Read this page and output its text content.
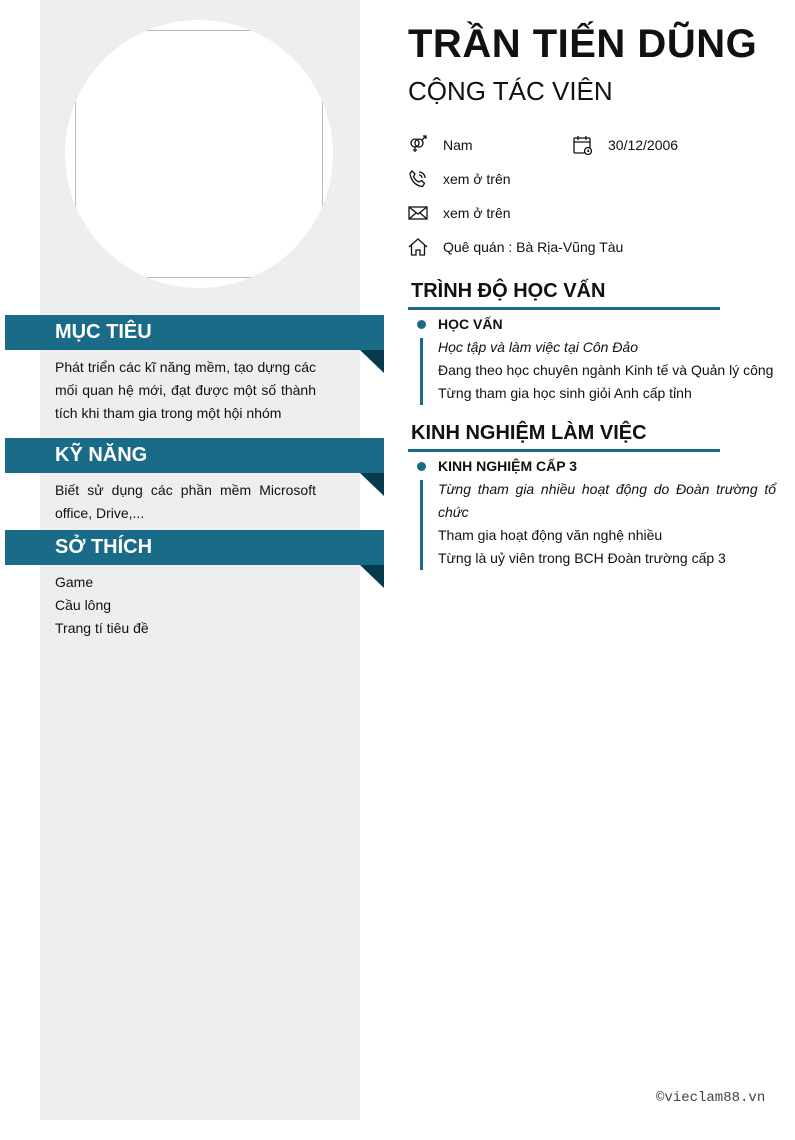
MỤC TIÊU
Phát triển các kĩ năng mềm, tạo dựng các mối quan hệ mới, đạt được một số thành tích khi tham gia trong một hội nhóm
KỸ NĂNG
Biết sử dụng các phần mềm Microsoft office, Drive,...
SỞ THÍCH
Game
Cầu lông
Trang tí tiêu đề
TRẦN TIẾN DŨNG
CỘNG TÁC VIÊN
Nam	30/12/2006
xem ở trên
xem ở trên
Quê quán : Bà Rịa-Vũng Tàu
TRÌNH ĐỘ HỌC VẤN
HỌC VẤN
Học tập và làm việc tại Côn Đảo
Đang theo học chuyên ngành Kinh tế và Quản lý công
Từng tham gia học sinh giỏi Anh cấp tỉnh
KINH NGHIỆM LÀM VIỆC
KINH NGHIỆM CẤP 3
Từng tham gia nhiều hoạt động do Đoàn trường tổ chức
Tham gia hoạt động văn nghệ nhiều
Từng là uỷ viên trong BCH Đoàn trường cấp 3
©vieclam88.vn
